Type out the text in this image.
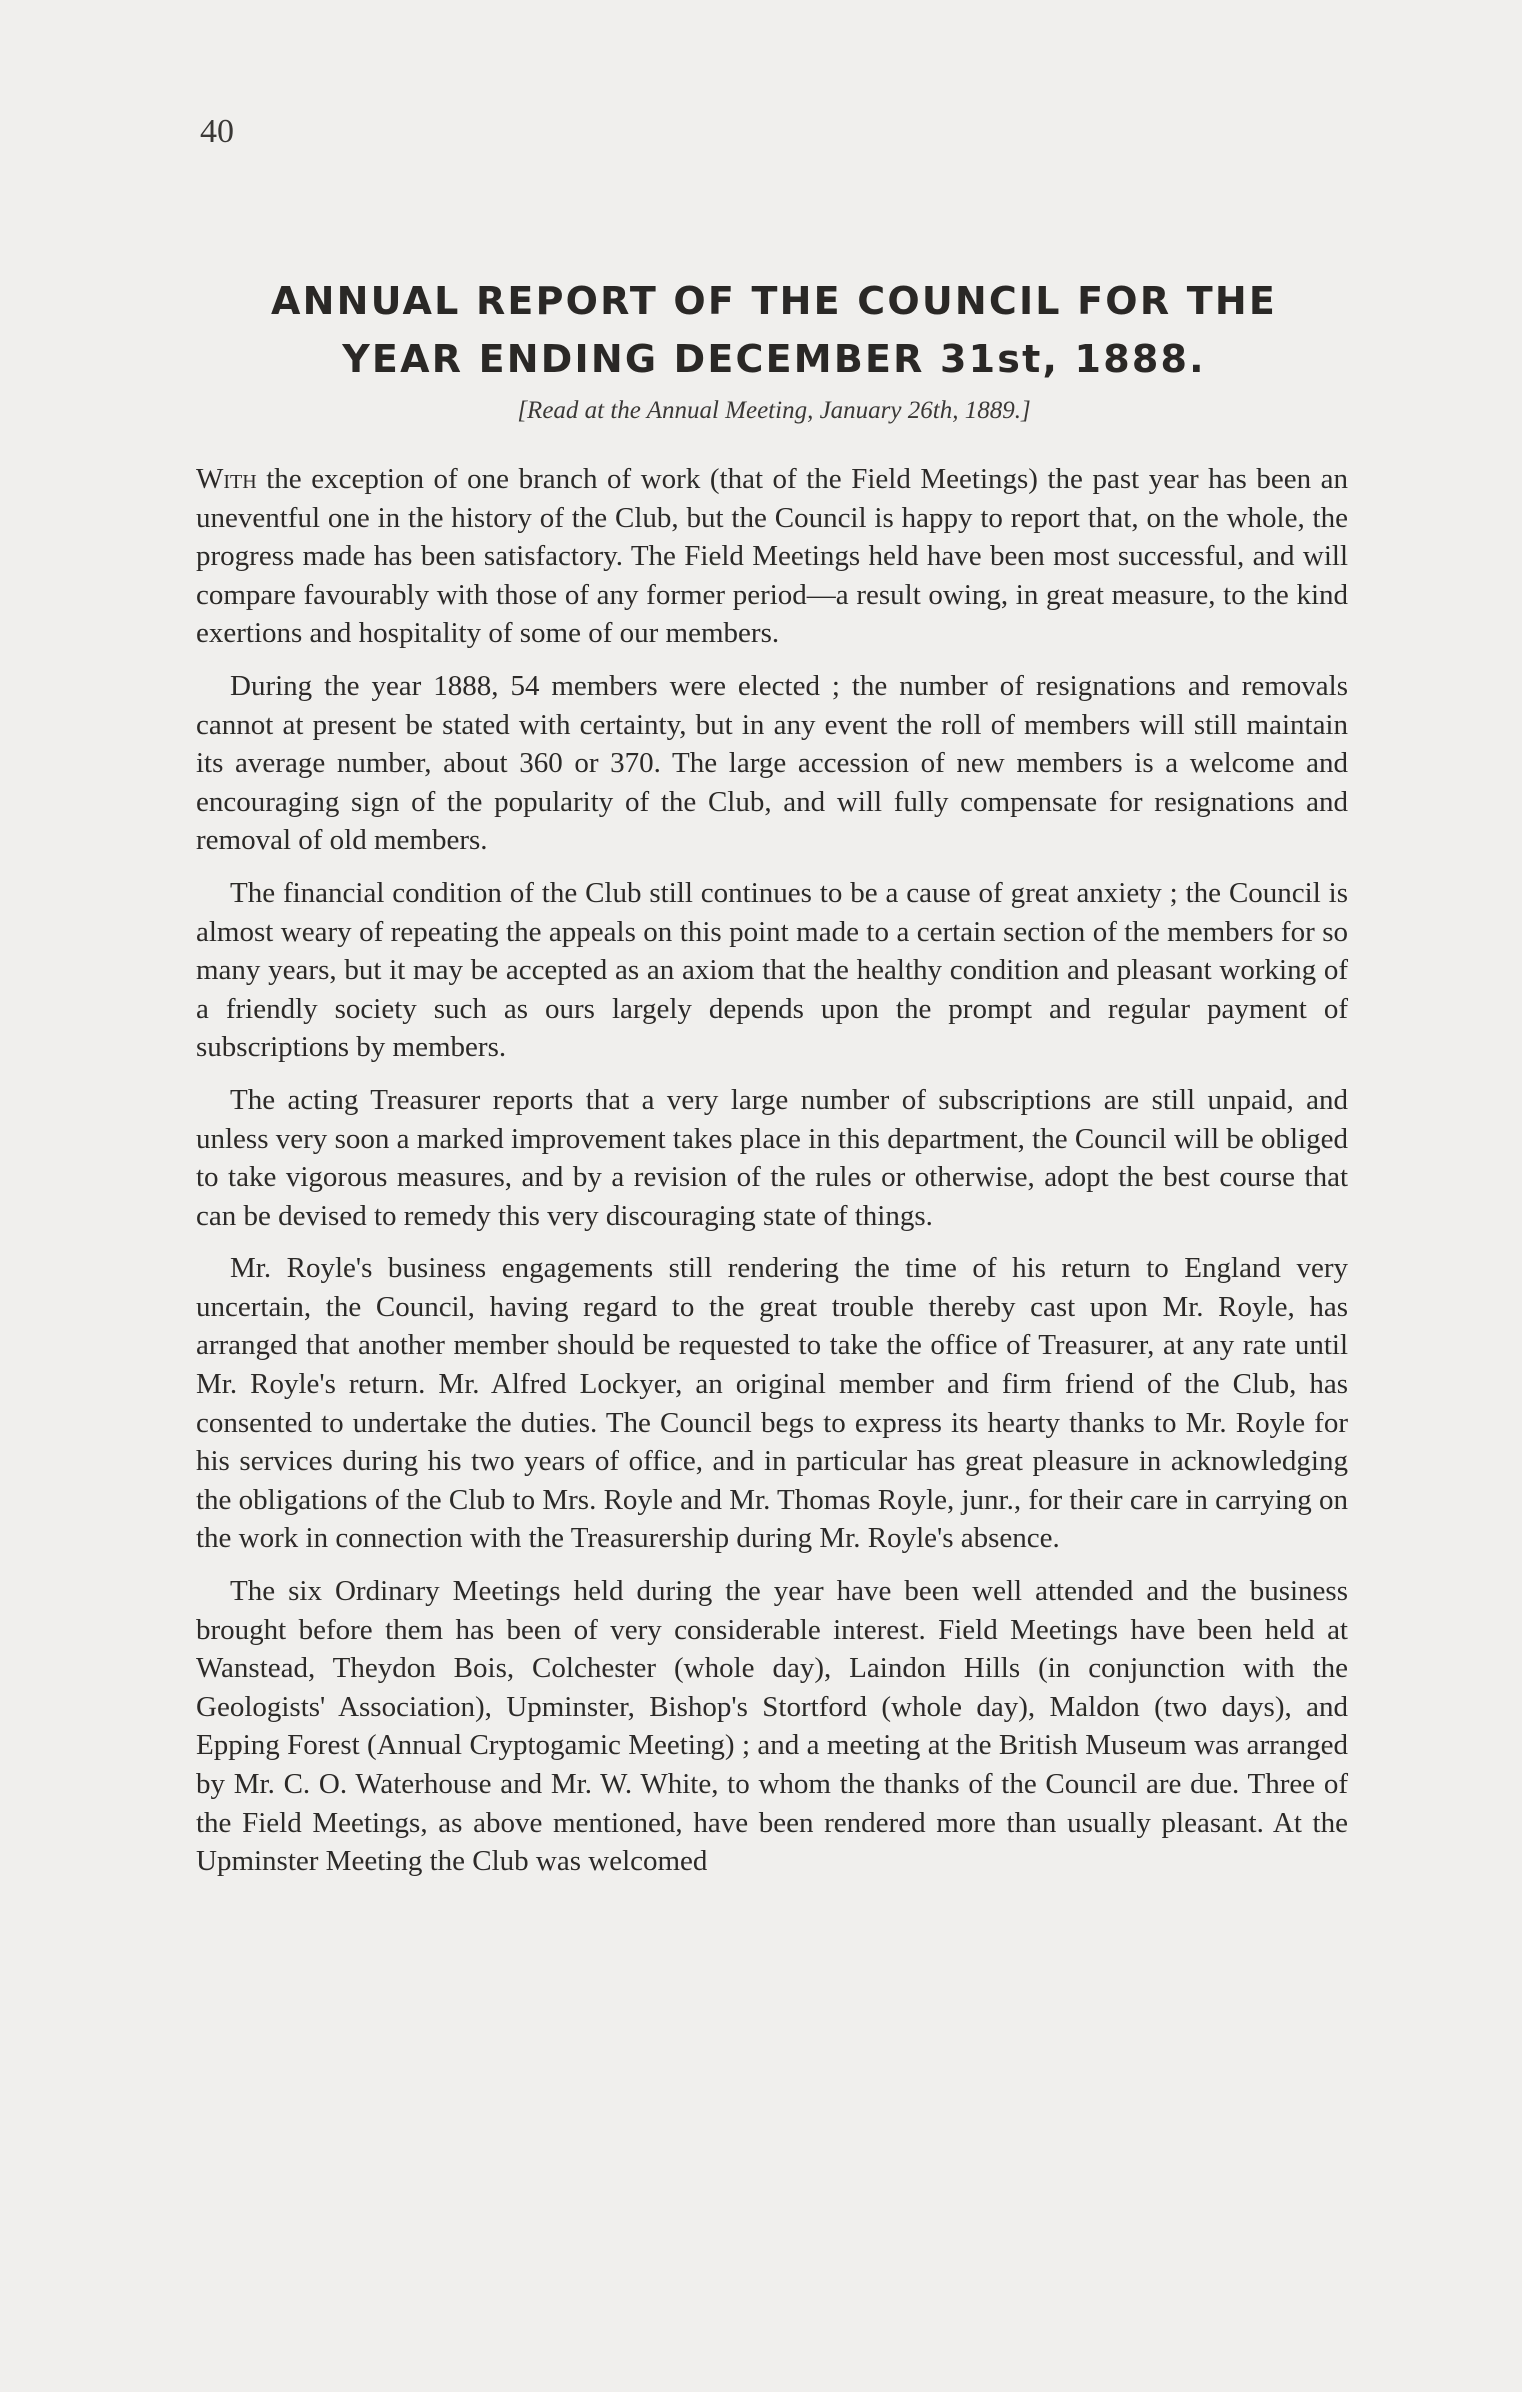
40
ANNUAL REPORT OF THE COUNCIL FOR THE
YEAR ENDING DECEMBER 31st, 1888.
[Read at the Annual Meeting, January 26th, 1889.]

With the exception of one branch of work (that of the Field Meetings) the past year has been an uneventful one in the history of the Club, but the Council is happy to report that, on the whole, the progress made has been satisfactory. The Field Meetings held have been most successful, and will compare favourably with those of any former period—a result owing, in great measure, to the kind exertions and hospitality of some of our members.

During the year 1888, 54 members were elected ; the number of resignations and removals cannot at present be stated with certainty, but in any event the roll of members will still maintain its average number, about 360 or 370. The large accession of new members is a welcome and encouraging sign of the popularity of the Club, and will fully compensate for resignations and removal of old members.

The financial condition of the Club still continues to be a cause of great anxiety ; the Council is almost weary of repeating the appeals on this point made to a certain section of the members for so many years, but it may be accepted as an axiom that the healthy condition and pleasant working of a friendly society such as ours largely depends upon the prompt and regular payment of subscriptions by members.

The acting Treasurer reports that a very large number of subscriptions are still unpaid, and unless very soon a marked improvement takes place in this department, the Council will be obliged to take vigorous measures, and by a revision of the rules or otherwise, adopt the best course that can be devised to remedy this very discouraging state of things.

Mr. Royle's business engagements still rendering the time of his return to England very uncertain, the Council, having regard to the great trouble thereby cast upon Mr. Royle, has arranged that another member should be requested to take the office of Treasurer, at any rate until Mr. Royle's return. Mr. Alfred Lockyer, an original member and firm friend of the Club, has consented to undertake the duties. The Council begs to express its hearty thanks to Mr. Royle for his services during his two years of office, and in particular has great pleasure in acknowledging the obligations of the Club to Mrs. Royle and Mr. Thomas Royle, junr., for their care in carrying on the work in connection with the Treasurership during Mr. Royle's absence.

The six Ordinary Meetings held during the year have been well attended and the business brought before them has been of very considerable interest. Field Meetings have been held at Wanstead, Theydon Bois, Colchester (whole day), Laindon Hills (in conjunction with the Geologists' Association), Upminster, Bishop's Stortford (whole day), Maldon (two days), and Epping Forest (Annual Cryptogamic Meeting) ; and a meeting at the British Museum was arranged by Mr. C. O. Waterhouse and Mr. W. White, to whom the thanks of the Council are due. Three of the Field Meetings, as above mentioned, have been rendered more than usually pleasant. At the Upminster Meeting the Club was welcomed
